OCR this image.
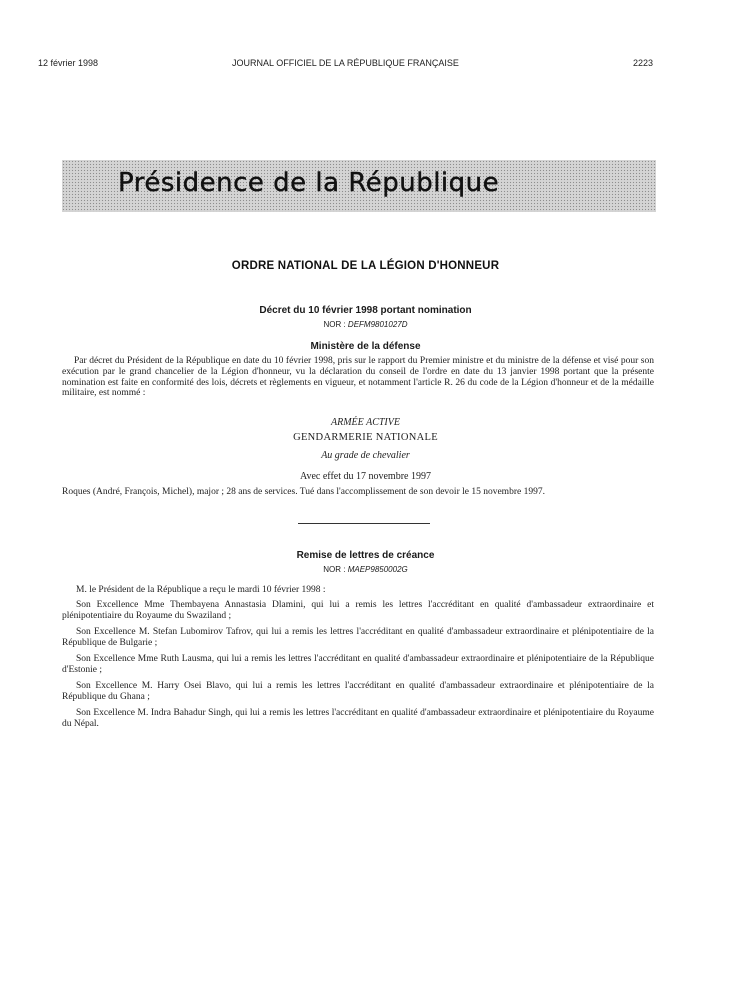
12 février 1998	JOURNAL OFFICIEL DE LA RÉPUBLIQUE FRANÇAISE	2223
Présidence de la République
ORDRE NATIONAL DE LA LÉGION D'HONNEUR
Décret du 10 février 1998 portant nomination
NOR : DEFM9801027D
Ministère de la défense
Par décret du Président de la République en date du 10 février 1998, pris sur le rapport du Premier ministre et du ministre de la défense et visé pour son exécution par le grand chancelier de la Légion d'honneur, vu la déclaration du conseil de l'ordre en date du 13 janvier 1998 portant que la présente nomination est faite en conformité des lois, décrets et règlements en vigueur, et notamment l'article R. 26 du code de la Légion d'honneur et de la médaille militaire, est nommé :
ARMÉE ACTIVE
GENDARMERIE NATIONALE
Au grade de chevalier
Avec effet du 17 novembre 1997
Roques (André, François, Michel), major ; 28 ans de services. Tué dans l'accomplissement de son devoir le 15 novembre 1997.
Remise de lettres de créance
NOR : MAEP9850002G
M. le Président de la République a reçu le mardi 10 février 1998 :
Son Excellence Mme Thembayena Annastasia Dlamini, qui lui a remis les lettres l'accréditant en qualité d'ambassadeur extraordinaire et plénipotentiaire du Royaume du Swaziland ;
Son Excellence M. Stefan Lubomirov Tafrov, qui lui a remis les lettres l'accréditant en qualité d'ambassadeur extraordinaire et plénipotentiaire de la République de Bulgarie ;
Son Excellence Mme Ruth Lausma, qui lui a remis les lettres l'accréditant en qualité d'ambassadeur extraordinaire et plénipotentiaire de la République d'Estonie ;
Son Excellence M. Harry Osei Blavo, qui lui a remis les lettres l'accréditant en qualité d'ambassadeur extraordinaire et plénipotentiaire de la République du Ghana ;
Son Excellence M. Indra Bahadur Singh, qui lui a remis les lettres l'accréditant en qualité d'ambassadeur extraordinaire et plénipotentiaire du Royaume du Népal.
